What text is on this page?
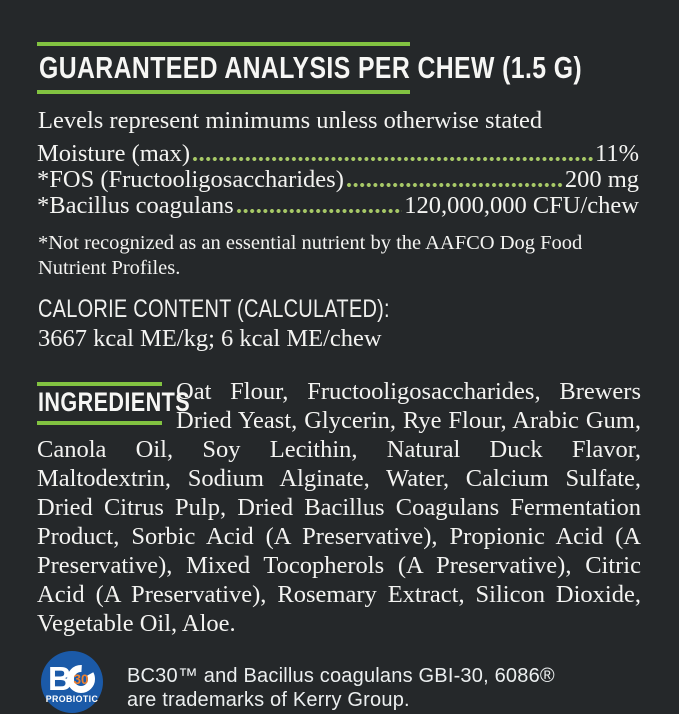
GUARANTEED ANALYSIS PER CHEW (1.5 G)

Levels represent minimums unless otherwise stated

Moisture (max)	11%
*FOS (Fructooligosaccharides)	200 mg
*Bacillus coagulans	120,000,000 CFU/chew

*Not recognized as an essential nutrient by the AAFCO Dog Food Nutrient Profiles.

CALORIE CONTENT (CALCULATED):

3667 kcal ME/kg; 6 kcal ME/chew

INGREDIENTS

Oat Flour, Fructooligosaccharides, Brewers Dried Yeast, Glycerin, Rye Flour, Arabic Gum, Canola Oil, Soy Lecithin, Natural Duck Flavor, Maltodextrin, Sodium Alginate, Water, Calcium Sulfate, Dried Citrus Pulp, Dried Bacillus Coagulans Fermentation Product, Sorbic Acid (A Preservative), Propionic Acid (A Preservative), Mixed Tocopherols (A Preservative), Citric Acid (A Preservative), Rosemary Extract, Silicon Dioxide, Vegetable Oil, Aloe.

B 30
PROBIOTIC
BC30™ and Bacillus coagulans GBI-30, 6086®
are trademarks of Kerry Group.
